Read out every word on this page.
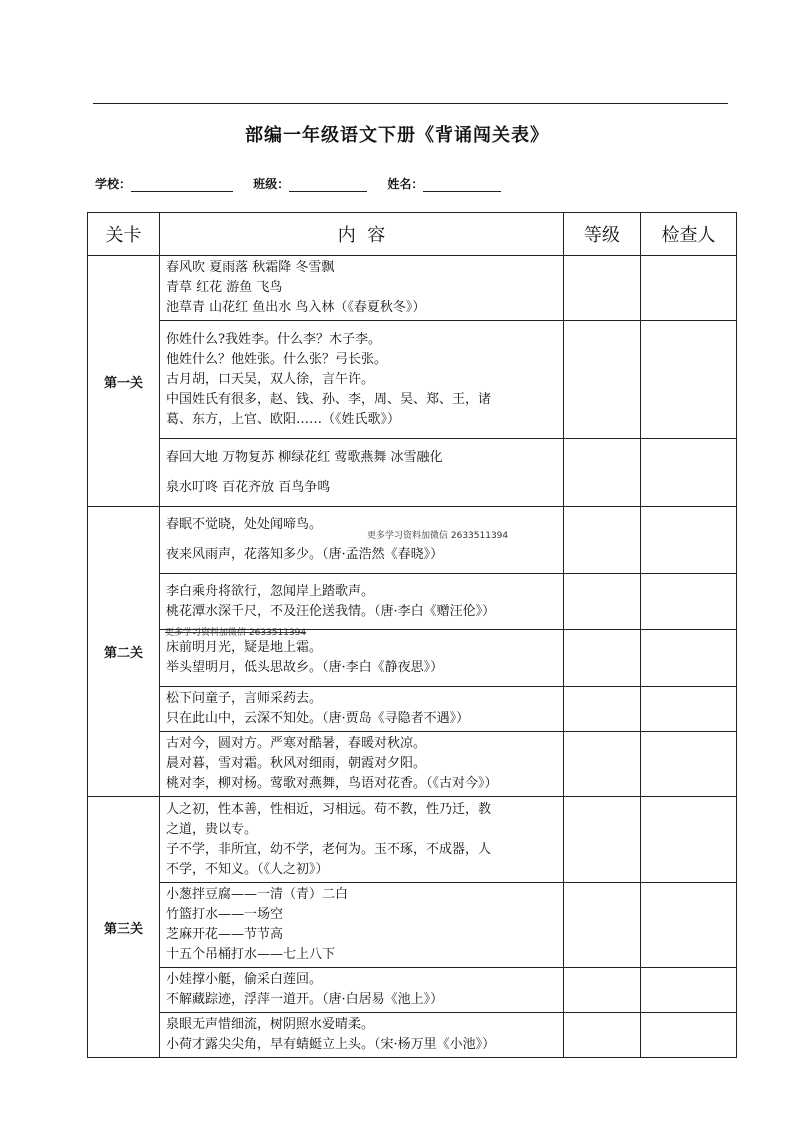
部编一年级语文下册《背诵闯关表》
学校：	班级：	姓名：
关卡	内  容	等级	检查人
第一关	春风吹 夏雨落 秋霜降 冬雪飘
青草 红花 游鱼 飞鸟
池草青 山花红 鱼出水 鸟入林（《春夏秋冬》）		

	你姓什么?我姓李。什么李？木子李。
他姓什么？他姓张。什么张？弓长张。
古月胡，口天吴，双人徐，言午许。
中国姓氏有很多，赵、钱、孙、李，周、吴、郑、王，诸
葛、东方，上官、欧阳……（《姓氏歌》）		

	春回大地 万物复苏 柳绿花红 莺歌燕舞 冰雪融化
泉水叮咚 百花齐放 百鸟争鸣		

第二关	春眠不觉晓，处处闻啼鸟。
夜来风雨声，花落知多少。（唐·孟浩然《春晓》）		

	李白乘舟将欲行，忽闻岸上踏歌声。
桃花潭水深千尺，不及汪伦送我情。（唐·李白《赠汪伦》）		

	床前明月光，疑是地上霜。
举头望明月，低头思故乡。（唐·李白《静夜思》）		

	松下问童子，言师采药去。
只在此山中，云深不知处。（唐·贾岛《寻隐者不遇》）		

	古对今，圆对方。严寒对酷暑，春暖对秋凉。
晨对暮，雪对霜。秋风对细雨，朝霞对夕阳。
桃对李，柳对杨。莺歌对燕舞，鸟语对花香。（《古对今》）		

第三关	人之初，性本善，性相近，习相远。苟不教，性乃迁，教
之道，贵以专。
子不学，非所宜，幼不学，老何为。玉不琢，不成器，人
不学，不知义。（《人之初》）		

	小葱拌豆腐——一清（青）二白
竹篮打水——一场空
芝麻开花——节节高
十五个吊桶打水——七上八下		

	小娃撑小艇，偷采白莲回。
不解藏踪迹，浮萍一道开。（唐·白居易《池上》）		

	泉眼无声惜细流，树阴照水爱晴柔。
小荷才露尖尖角，早有蜻蜓立上头。（宋·杨万里《小池》）		

更多学习资料加微信 2633511394
更多学习资料加微信 2633511394
